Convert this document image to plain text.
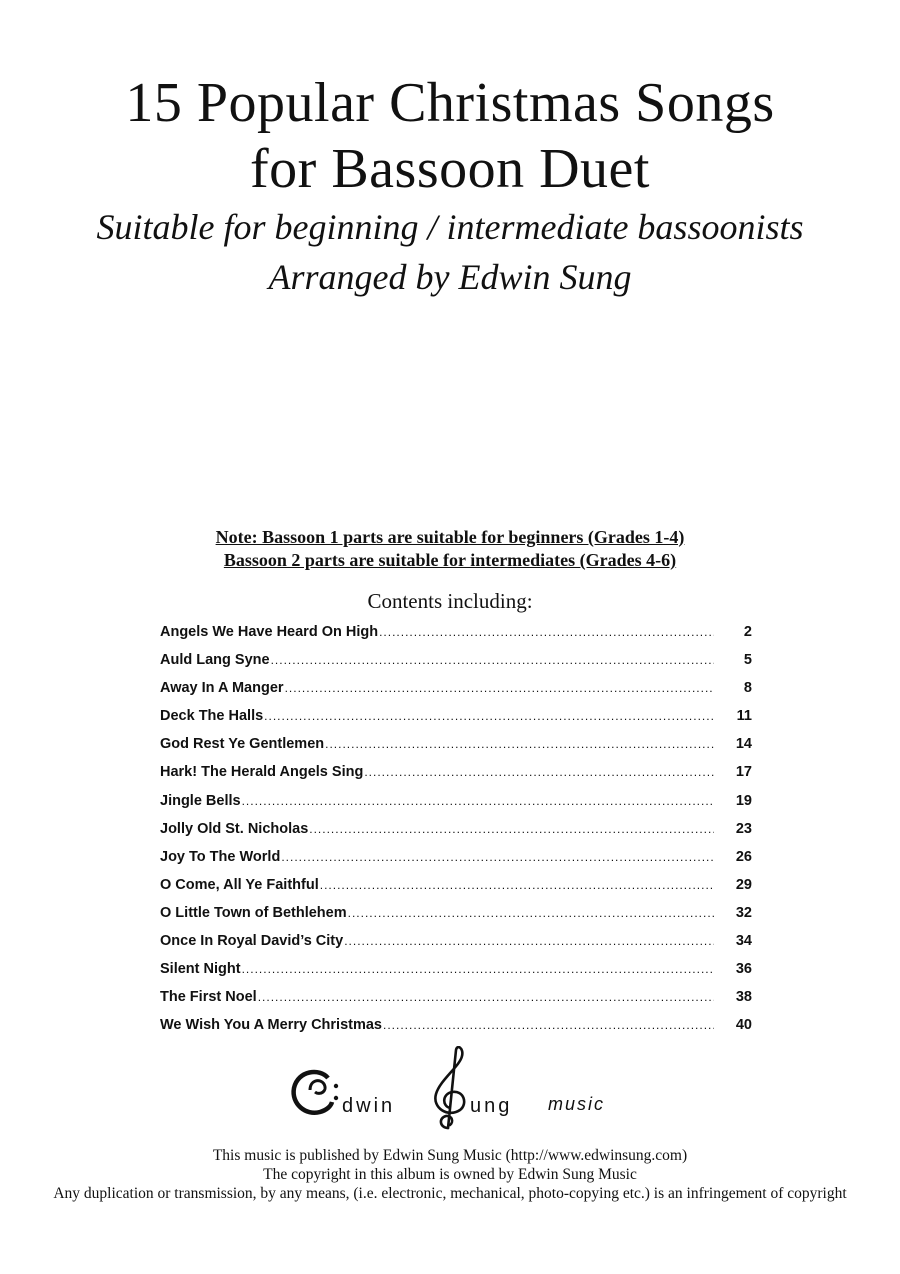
15 Popular Christmas Songs
for Bassoon Duet
Suitable for beginning / intermediate bassoonists
Arranged by Edwin Sung
Note: Bassoon 1 parts are suitable for beginners (Grades 1-4)
Bassoon 2 parts are suitable for intermediates (Grades 4-6)
Contents including:
Angels We Have Heard On High .....	2
Auld Lang Syne .....	5
Away In A Manger .....	8
Deck The Halls .....	11
God Rest Ye Gentlemen .....	14
Hark! The Herald Angels Sing .....	17
Jingle Bells .....	19
Jolly Old St. Nicholas .....	23
Joy To The World .....	26
O Come, All Ye Faithful .....	29
O Little Town of Bethlehem .....	32
Once In Royal David’s City .....	34
Silent Night .....	36
The First Noel .....	38
We Wish You A Merry Christmas .....	40
dwin	ung music
This music is published by Edwin Sung Music (http://www.edwinsung.com)
The copyright in this album is owned by Edwin Sung Music
Any duplication or transmission, by any means, (i.e. electronic, mechanical, photo-copying etc.) is an infringement of copyright
